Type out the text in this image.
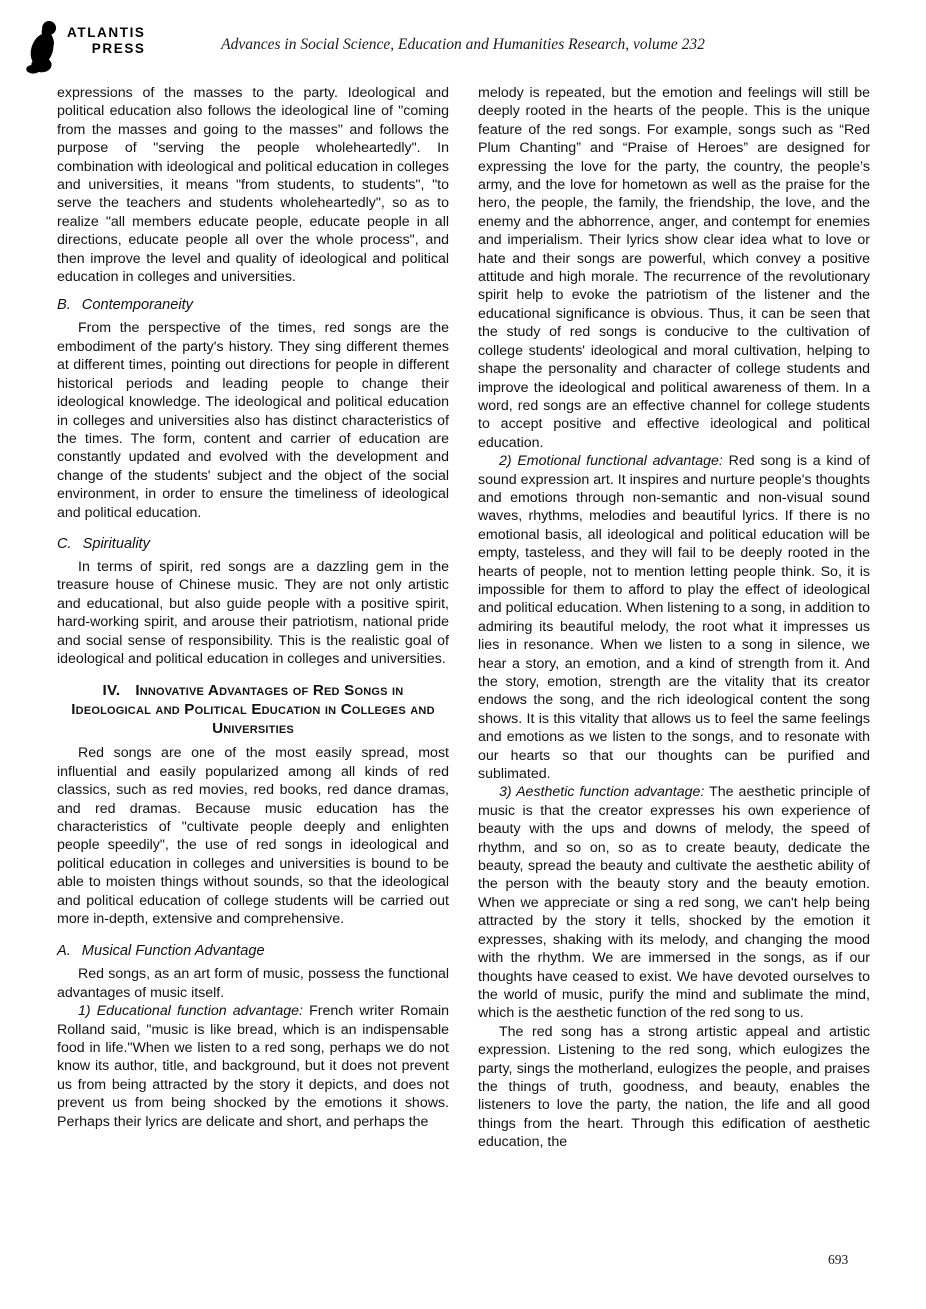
ATLANTIS
PRESS	Advances in Social Science, Education and Humanities Research, volume 232

expressions of the masses to the party. Ideological and political education also follows the ideological line of "coming from the masses and going to the masses" and follows the purpose of "serving the people wholeheartedly". In combination with ideological and political education in colleges and universities, it means "from students, to students", "to serve the teachers and students wholeheartedly", so as to realize "all members educate people, educate people in all directions, educate people all over the whole process", and then improve the level and quality of ideological and political education in colleges and universities.

B. Contemporaneity

From the perspective of the times, red songs are the embodiment of the party's history. They sing different themes at different times, pointing out directions for people in different historical periods and leading people to change their ideological knowledge. The ideological and political education in colleges and universities also has distinct characteristics of the times. The form, content and carrier of education are constantly updated and evolved with the development and change of the students' subject and the object of the social environment, in order to ensure the timeliness of ideological and political education.

C. Spirituality

In terms of spirit, red songs are a dazzling gem in the treasure house of Chinese music. They are not only artistic and educational, but also guide people with a positive spirit, hard-working spirit, and arouse their patriotism, national pride and social sense of responsibility. This is the realistic goal of ideological and political education in colleges and universities.

IV. Innovative Advantages of Red Songs in Ideological and Political Education in Colleges and Universities

Red songs are one of the most easily spread, most influential and easily popularized among all kinds of red classics, such as red movies, red books, red dance dramas, and red dramas. Because music education has the characteristics of "cultivate people deeply and enlighten people speedily", the use of red songs in ideological and political education in colleges and universities is bound to be able to moisten things without sounds, so that the ideological and political education of college students will be carried out more in-depth, extensive and comprehensive.

A. Musical Function Advantage

Red songs, as an art form of music, possess the functional advantages of music itself.

1) Educational function advantage: French writer Romain Rolland said, "music is like bread, which is an indispensable food in life."When we listen to a red song, perhaps we do not know its author, title, and background, but it does not prevent us from being attracted by the story it depicts, and does not prevent us from being shocked by the emotions it shows. Perhaps their lyrics are delicate and short, and perhaps the

melody is repeated, but the emotion and feelings will still be deeply rooted in the hearts of the people. This is the unique feature of the red songs. For example, songs such as “Red Plum Chanting” and “Praise of Heroes” are designed for expressing the love for the party, the country, the people’s army, and the love for hometown as well as the praise for the hero, the people, the family, the friendship, the love, and the enemy and the abhorrence, anger, and contempt for enemies and imperialism. Their lyrics show clear idea what to love or hate and their songs are powerful, which convey a positive attitude and high morale. The recurrence of the revolutionary spirit help to evoke the patriotism of the listener and the educational significance is obvious. Thus, it can be seen that the study of red songs is conducive to the cultivation of college students' ideological and moral cultivation, helping to shape the personality and character of college students and improve the ideological and political awareness of them. In a word, red songs are an effective channel for college students to accept positive and effective ideological and political education.

2) Emotional functional advantage: Red song is a kind of sound expression art. It inspires and nurture people's thoughts and emotions through non-semantic and non-visual sound waves, rhythms, melodies and beautiful lyrics. If there is no emotional basis, all ideological and political education will be empty, tasteless, and they will fail to be deeply rooted in the hearts of people, not to mention letting people think. So, it is impossible for them to afford to play the effect of ideological and political education. When listening to a song, in addition to admiring its beautiful melody, the root what it impresses us lies in resonance. When we listen to a song in silence, we hear a story, an emotion, and a kind of strength from it. And the story, emotion, strength are the vitality that its creator endows the song, and the rich ideological content the song shows. It is this vitality that allows us to feel the same feelings and emotions as we listen to the songs, and to resonate with our hearts so that our thoughts can be purified and sublimated.

3) Aesthetic function advantage: The aesthetic principle of music is that the creator expresses his own experience of beauty with the ups and downs of melody, the speed of rhythm, and so on, so as to create beauty, dedicate the beauty, spread the beauty and cultivate the aesthetic ability of the person with the beauty story and the beauty emotion. When we appreciate or sing a red song, we can't help being attracted by the story it tells, shocked by the emotion it expresses, shaking with its melody, and changing the mood with the rhythm. We are immersed in the songs, as if our thoughts have ceased to exist. We have devoted ourselves to the world of music, purify the mind and sublimate the mind, which is the aesthetic function of the red song to us.

The red song has a strong artistic appeal and artistic expression. Listening to the red song, which eulogizes the party, sings the motherland, eulogizes the people, and praises the things of truth, goodness, and beauty, enables the listeners to love the party, the nation, the life and all good things from the heart. Through this edification of aesthetic education, the

693
